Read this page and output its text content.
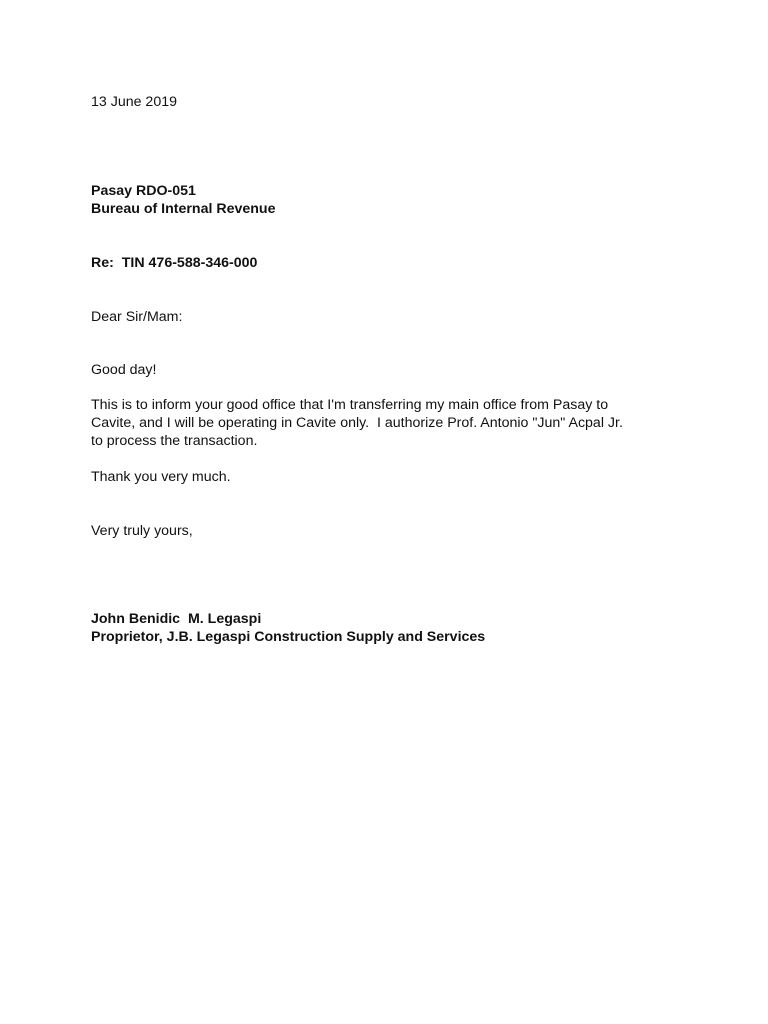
13 June 2019
Pasay RDO-051
Bureau of Internal Revenue
Re:  TIN 476-588-346-000
Dear Sir/Mam:
Good day!
This is to inform your good office that I'm transferring my main office from Pasay to
Cavite, and I will be operating in Cavite only.  I authorize Prof. Antonio "Jun" Acpal Jr.
to process the transaction.
Thank you very much.
Very truly yours,
John Benidic  M. Legaspi
Proprietor, J.B. Legaspi Construction Supply and Services
